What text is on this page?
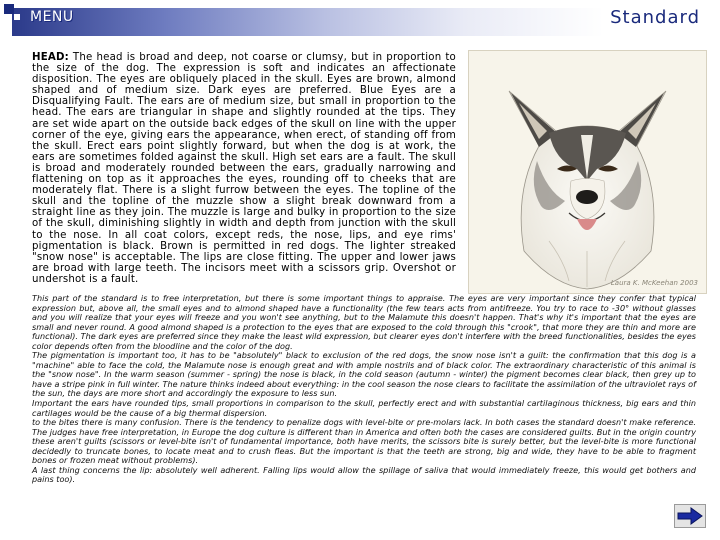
MENU	Standard
HEAD: The head is broad and deep, not coarse or clumsy, but in proportion to the size of the dog. The expression is soft and indicates an affectionate disposition. The eyes are obliquely placed in the skull. Eyes are brown, almond shaped and of medium size. Dark eyes are preferred. Blue Eyes are a Disqualifying Fault. The ears are of medium size, but small in proportion to the head. The ears are triangular in shape and slightly rounded at the tips. They are set wide apart on the outside back edges of the skull on line with the upper corner of the eye, giving ears the appearance, when erect, of standing off from the skull. Erect ears point slightly forward, but when the dog is at work, the ears are sometimes folded against the skull. High set ears are a fault. The skull is broad and moderately rounded between the ears, gradually narrowing and flattening on top as it approaches the eyes, rounding off to cheeks that are moderately flat. There is a slight furrow between the eyes. The topline of the skull and the topline of the muzzle show a slight break downward from a straight line as they join. The muzzle is large and bulky in proportion to the size of the skull, diminishing slightly in width and depth from junction with the skull to the nose. In all coat colors, except reds, the nose, lips, and eye rims' pigmentation is black. Brown is permitted in red dogs. The lighter streaked "snow nose" is acceptable. The lips are close fitting. The upper and lower jaws are broad with large teeth. The incisors meet with a scissors grip. Overshot or undershot is a fault.	Laura K. McKeehan 2003

This part of the standard is to free interpretation, but there is some important things to appraise. The eyes are very important since they confer that typical expression but, above all, the small eyes and to almond shaped have a functionality (the few tears acts from antifreeze. You try to race to -30° without glasses and you will realize that your eyes will freeze and you won't see anything, but to the Malamute this doesn't happen. That's why it's important that the eyes are small and never round. A good almond shaped is a protection to the eyes that are exposed to the cold through this "crook", that more they are thin and more are functional). The dark eyes are preferred since they make the least wild expression, but clearer eyes don't interfere with the breed functionalities, besides the eyes color depends often from the bloodline and the color of the dog.

The pigmentation is important too, it has to be "absolutely" black to exclusion of the red dogs, the snow nose isn't a guilt: the confirmation that this dog is a "machine" able to face the cold, the Malamute nose is enough great and with ample nostrils and of black color. The extraordinary characteristic of this animal is the "snow nose". In the warm season (summer - spring) the nose is black, in the cold season (autumn - winter) the pigment becomes clear black, then grey up to have a stripe pink in full winter. The nature thinks indeed about everything: in the cool season the nose clears to facilitate the assimilation of the ultraviolet rays of the sun, the days are more short and accordingly the exposure to less sun.

Important the ears have rounded tips, small proportions in comparison to the skull, perfectly erect and with substantial cartilaginous thickness, big ears and thin cartilages would be the cause of a big thermal dispersion.

to the bites there is many confusion. There is the tendency to penalize dogs with level-bite or pre-molars lack. In both cases the standard doesn't make reference. The judges have free interpretation, in Europe the dog culture is different than in America and often both the cases are considered guilts. But in the origin country these aren't guilts (scissors or level-bite isn't of fundamental importance, both have merits, the scissors bite is surely better, but the level-bite is more functional decidedly to truncate bones, to locate meat and to crush fleas. But the important is that the teeth are strong, big and wide, they have to be able to fragment bones or frozen meat without problems).

A last thing concerns the lip: absolutely well adherent. Falling lips would allow the spillage of saliva that would immediately freeze, this would get bothers and pains too).
